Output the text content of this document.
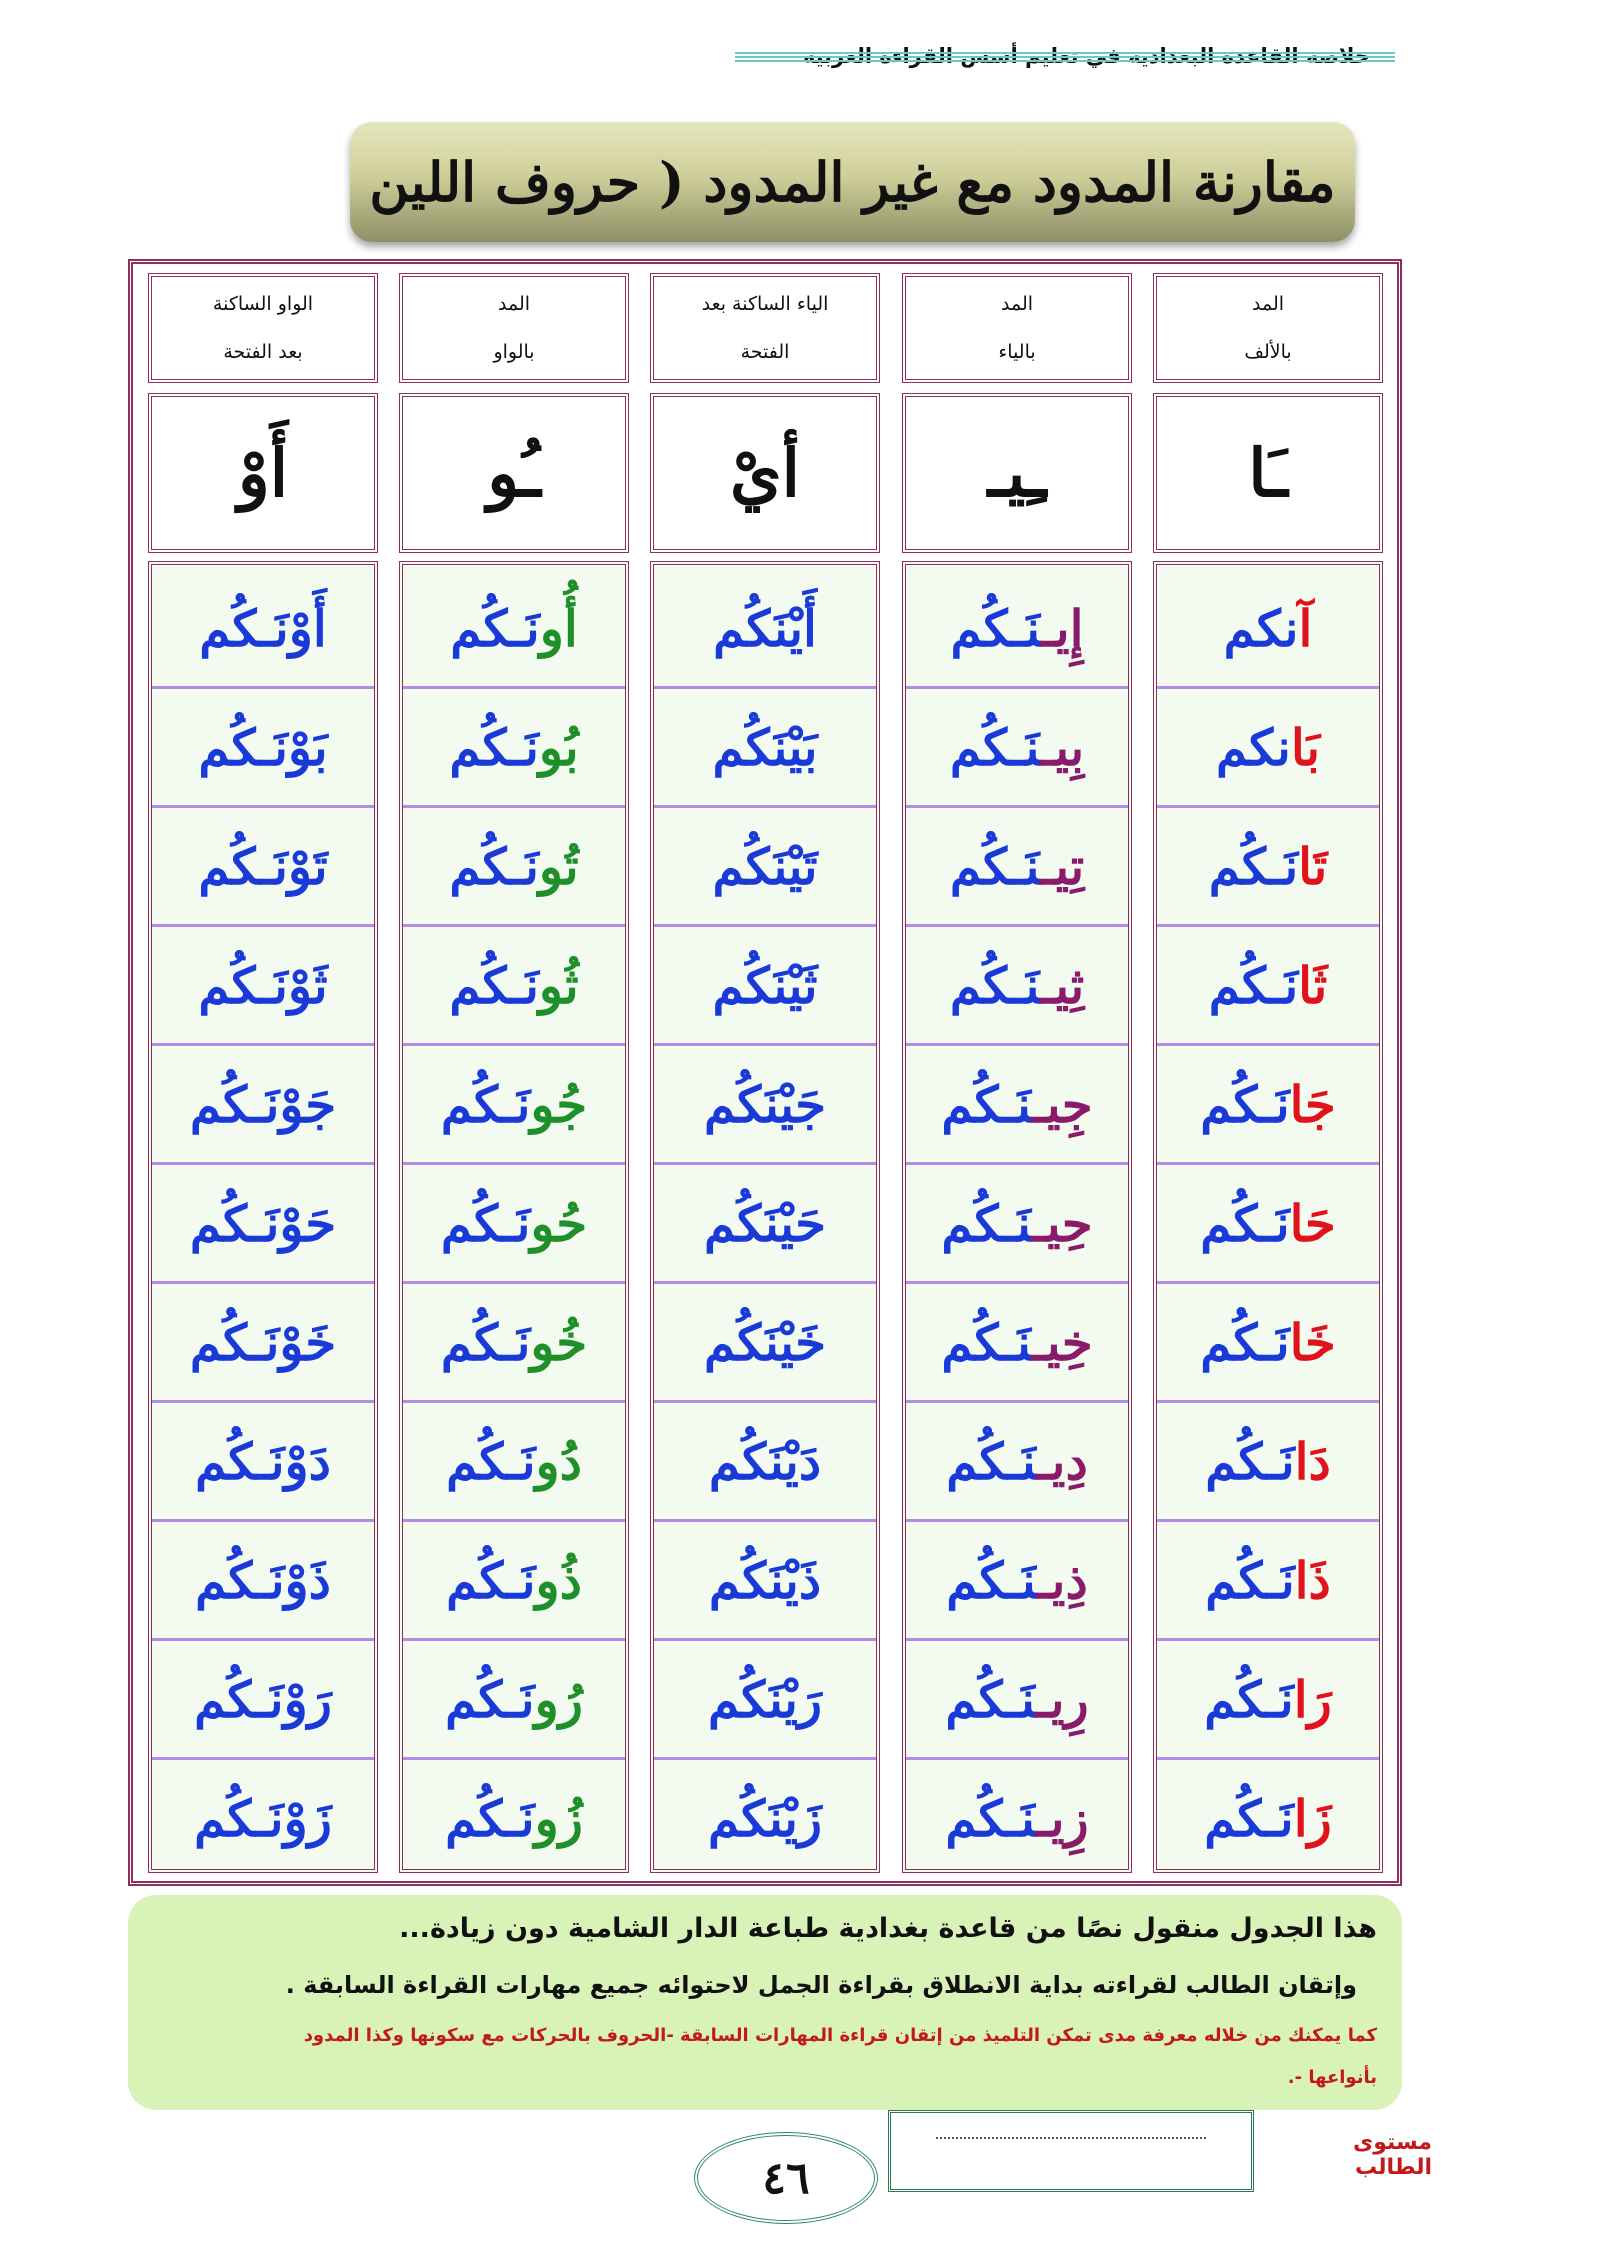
مقارنة المدود مع غير المدود ( حروف اللين
المد
بالألف
ـَا
آنكم
بَانكم
تَانَـكُم
ثَانَـكُم
جَانَـكُم
حَانَـكُم
خَانَـكُم
دَانَـكُم
ذَانَـكُم
رَانَـكُم
زَانَـكُم
المد
بالياء
ـِيـ
إِيـنَـكُم
بِيـنَـكُم
تِيـنَـكُم
ثِيـنَـكُم
جِيـنَـكُم
حِيـنَـكُم
خِيـنَـكُم
دِيـنَـكُم
ذِيـنَـكُم
رِيـنَـكُم
زِيـنَـكُم
الياء الساكنة بعد
الفتحة
أيْ
أَيْنَكُم
بَيْنَكُم
تَيْنَكُم
ثَيْنَكُم
جَيْنَكُم
حَيْنَكُم
خَيْنَكُم
دَيْنَكُم
ذَيْنَكُم
رَيْنَكُم
زَيْنَكُم
المد
بالواو
ـُو
أُونَـكُم
بُونَـكُم
تُونَـكُم
ثُونَـكُم
جُونَـكُم
حُونَـكُم
خُونَـكُم
دُونَـكُم
ذُونَـكُم
رُونَـكُم
زُونَـكُم
الواو الساكنة
بعد الفتحة
أَوْ
أَوْنَـكُم
بَوْنَـكُم
تَوْنَـكُم
ثَوْنَـكُم
جَوْنَـكُم
حَوْنَـكُم
خَوْنَـكُم
دَوْنَـكُم
ذَوْنَـكُم
رَوْنَـكُم
زَوْنَـكُم
هذا الجدول منقول نصًا من قاعدة بغدادية طباعة الدار الشامية دون زيادة...
وإتقان الطالب لقراءته بداية الانطلاق بقراءة الجمل لاحتوائه جميع مهارات القراءة السابقة .
كما يمكنك من خلاله معرفة مدى تمكن التلميذ من إتقان قراءة المهارات السابقة -الحروف بالحركات مع سكونها وكذا المدود
بأنواعها -.
٤٦
مستوى الطالب
